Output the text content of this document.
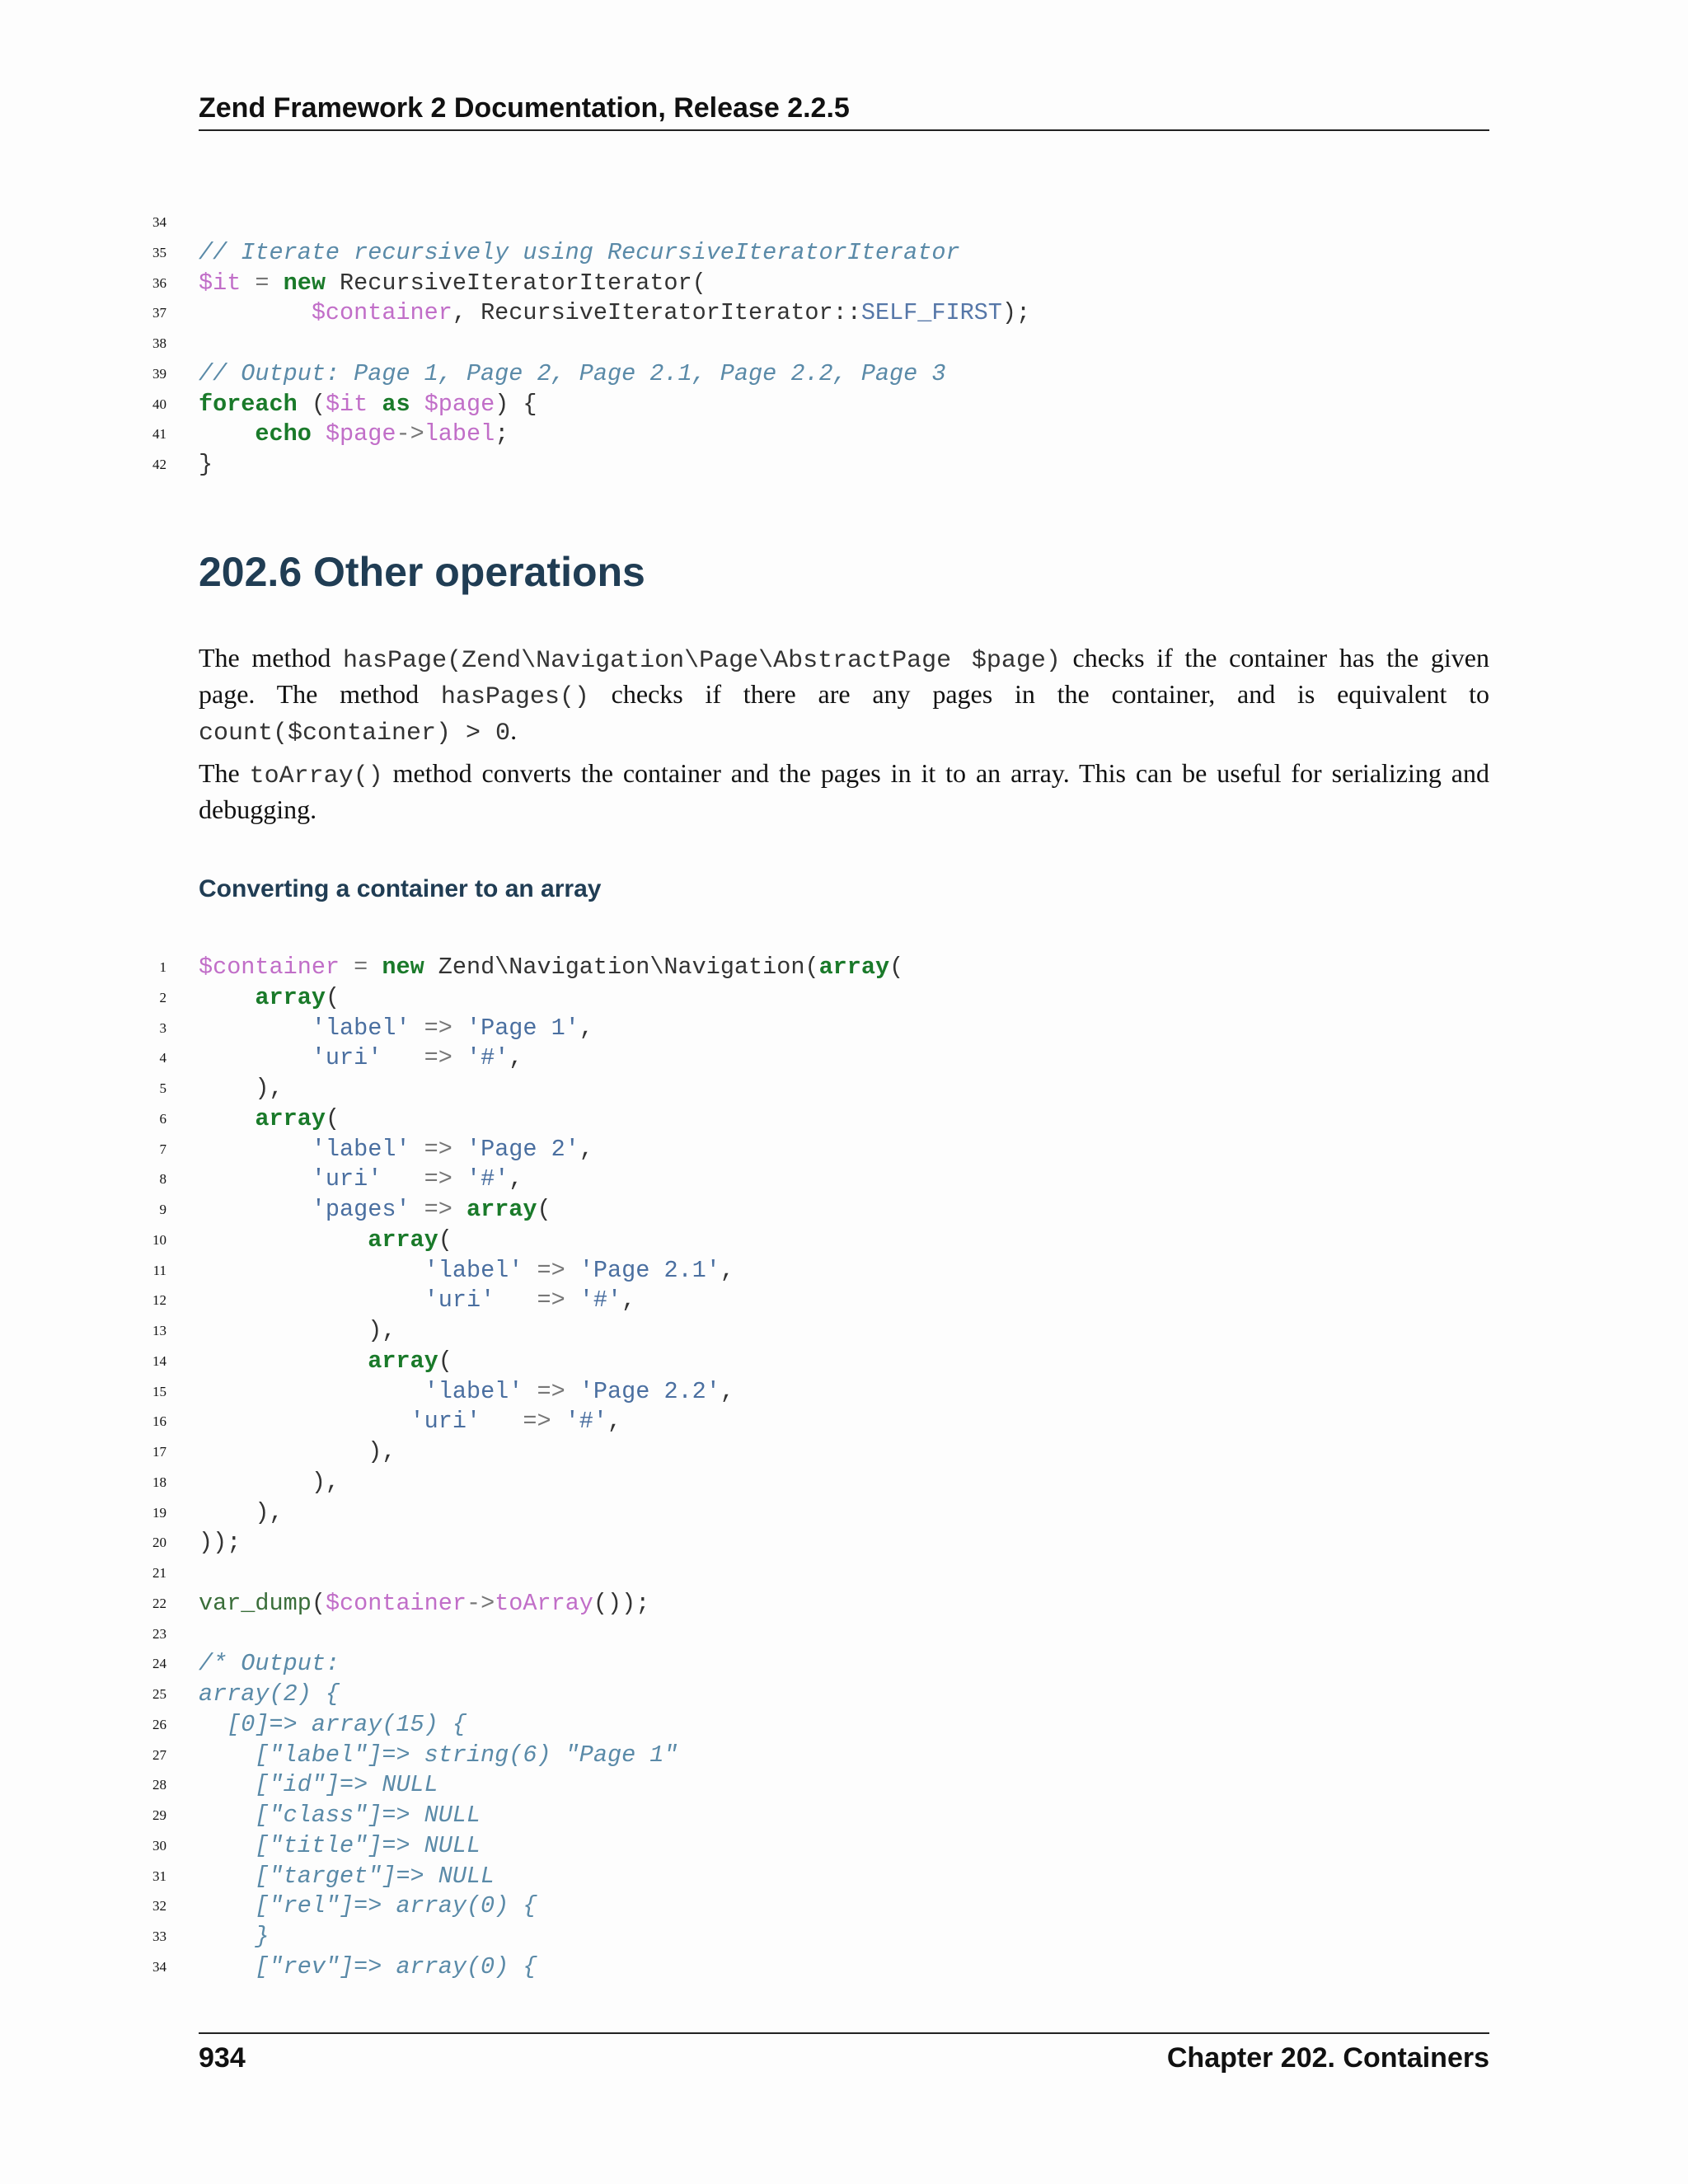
Zend Framework 2 Documentation, Release 2.2.5
34
35 // Iterate recursively using RecursiveIteratorIterator
36 $it = new RecursiveIteratorIterator(
37	$container, RecursiveIteratorIterator::SELF_FIRST);
38
39 // Output: Page 1, Page 2, Page 2.1, Page 2.2, Page 3
40 foreach ($it as $page) {
41	echo $page->label;
42 }
202.6 Other operations
The method hasPage(Zend\Navigation\Page\AbstractPage $page) checks if the container has the given page. The method hasPages() checks if there are any pages in the container, and is equivalent to count($container) > 0.
The toArray() method converts the container and the pages in it to an array. This can be useful for serializing and debugging.
Converting a container to an array
1 $container = new Zend\Navigation\Navigation(array(
2	array(
3	'label' => 'Page 1',
4	'uri' => '#',
5 ),
6	array(
7	'label' => 'Page 2',
8	'uri' => '#',
9	'pages' => array(
10	array(
11	'label' => 'Page 2.1',
12	'uri' => '#',
13 ),
14	array(
15	'label' => 'Page 2.2',
16	'uri' => '#',
17 ),
18 ),
19 ),
20 ));
21
22 var_dump($container->toArray());
23
24 /* Output:
25 array(2) {
26 [0]=> array(15) {
27 ["label"]=> string(6) "Page 1"
28 ["id"]=> NULL
29 ["class"]=> NULL
30 ["title"]=> NULL
31 ["target"]=> NULL
32 ["rel"]=> array(0) {
33 }
34 ["rev"]=> array(0) {
934	Chapter 202. Containers
